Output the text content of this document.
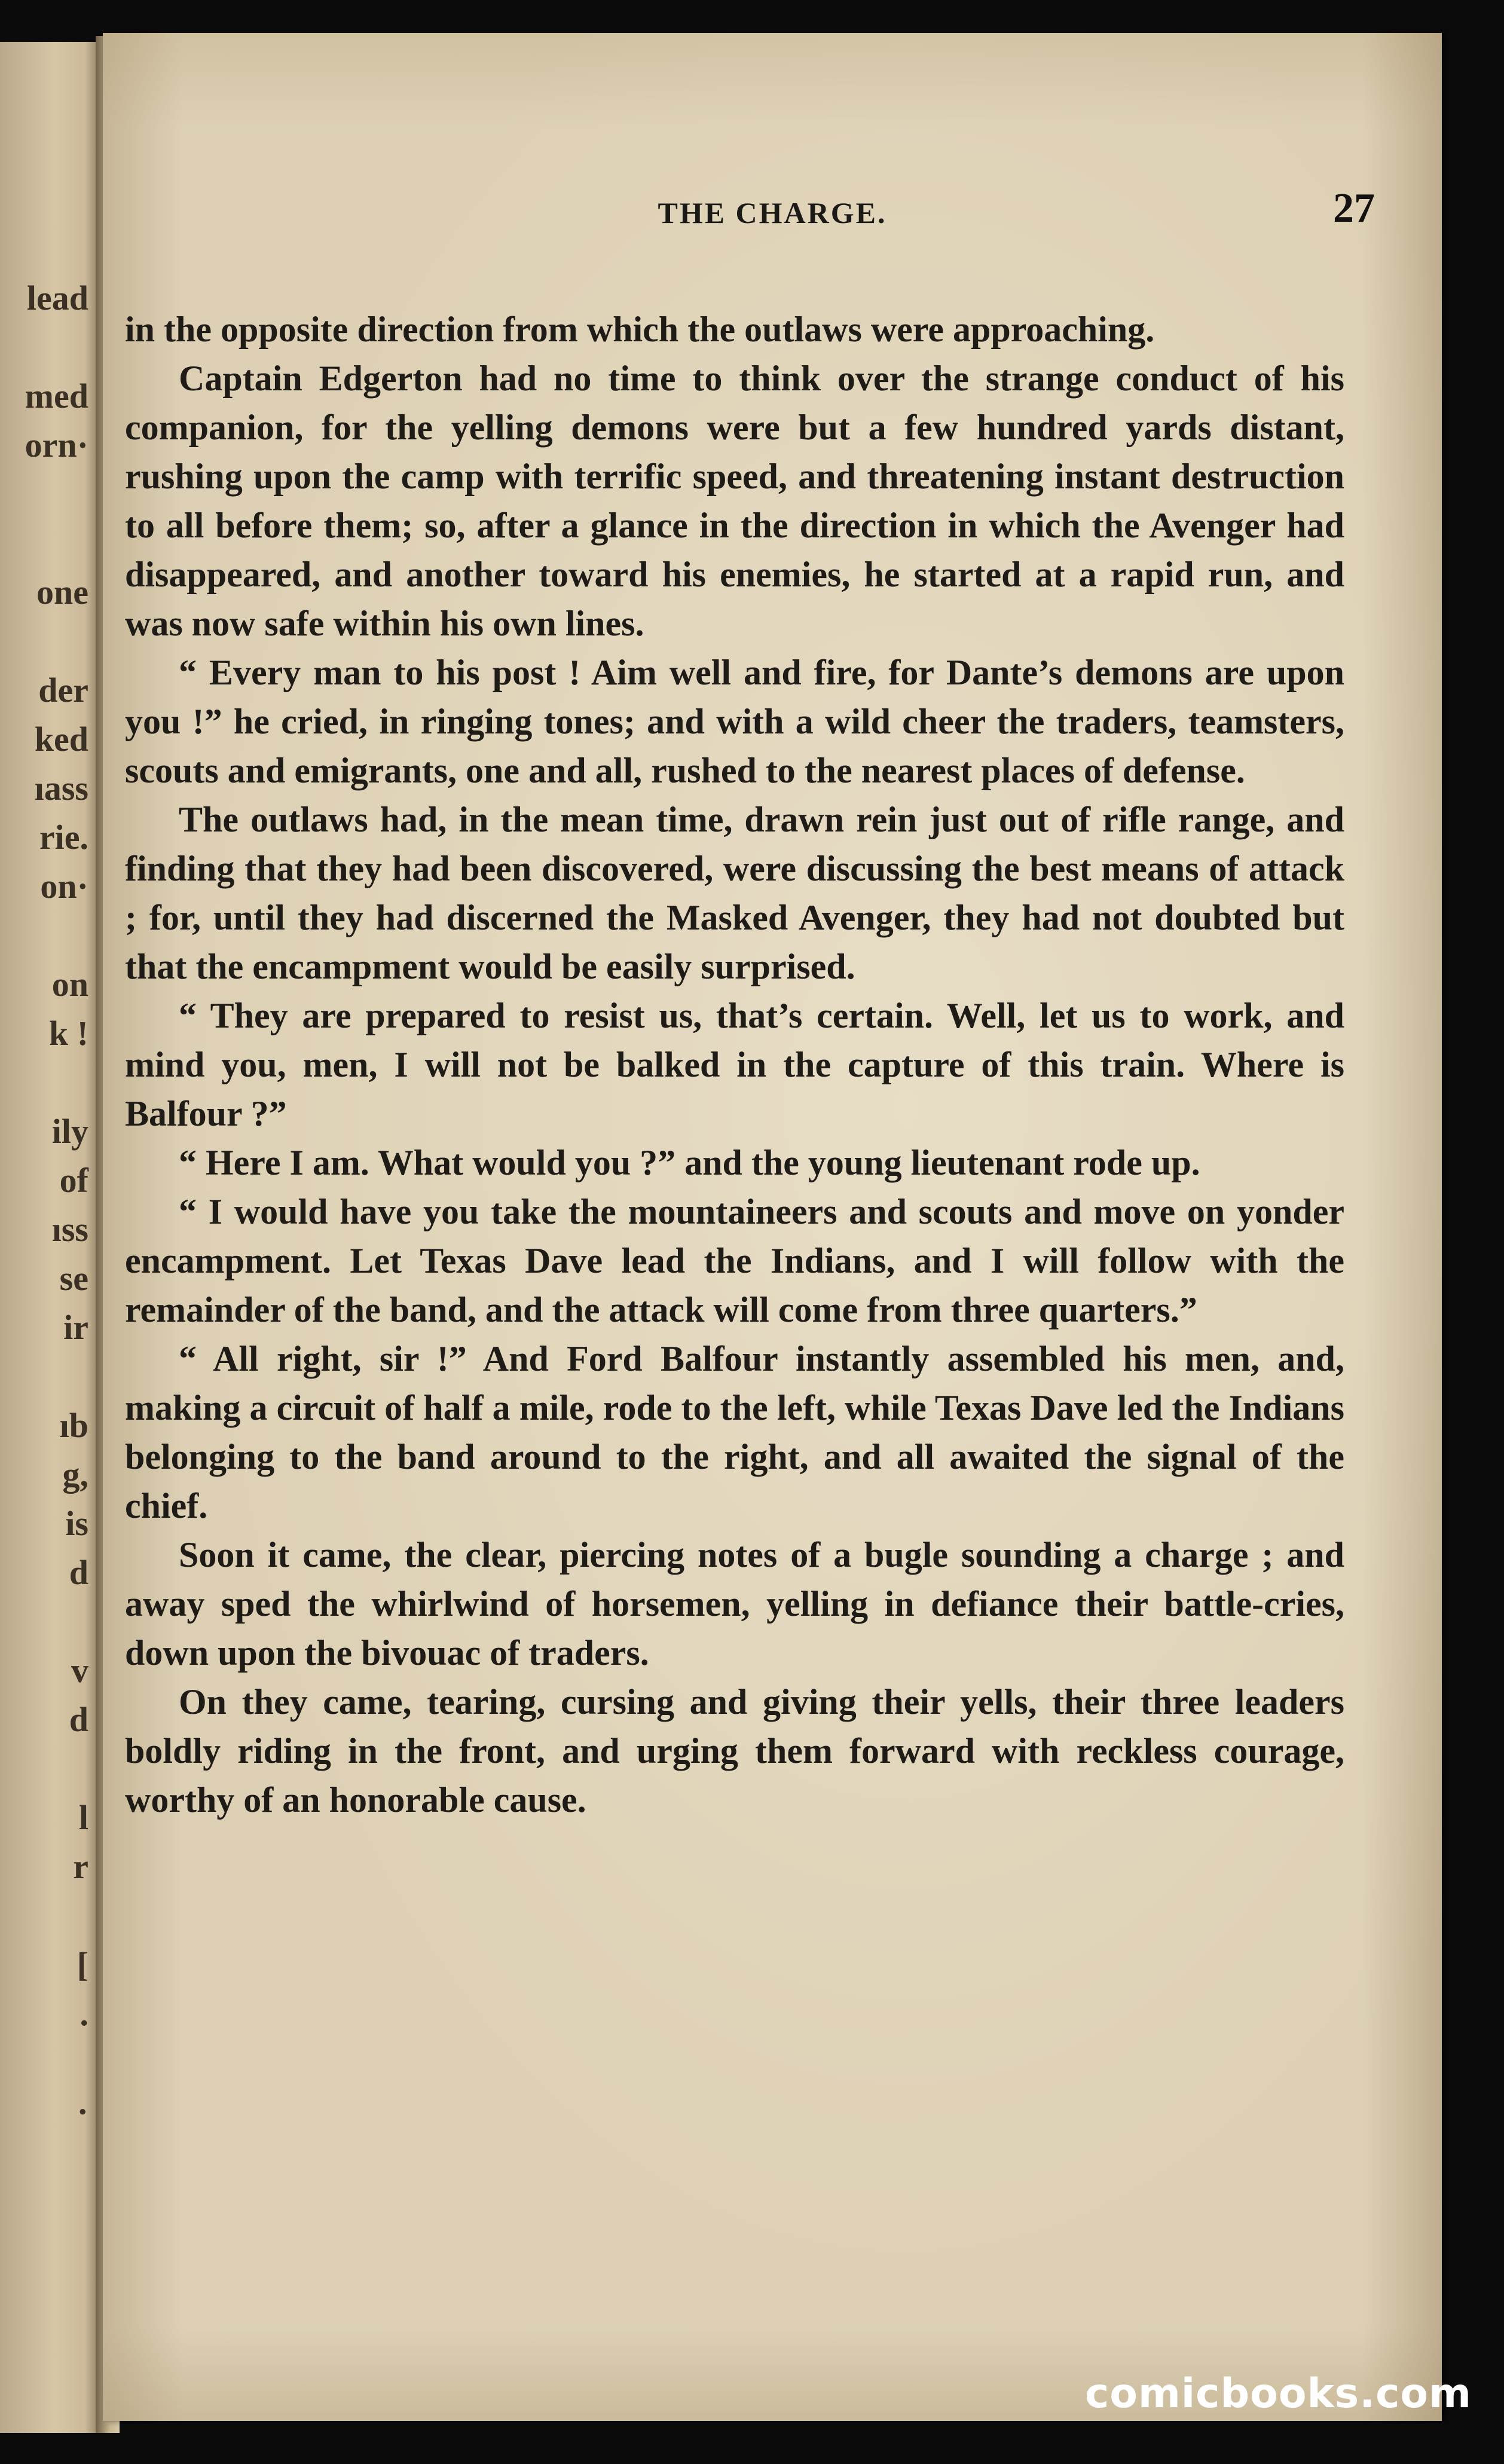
lead
med
orn·
one
der
ked
ıass
rie.
on·
on
k !
ily
of
ıss
se
ir
ıb
g,
is
d
v
d
l
r
[
.
·
THE CHARGE.	27

in the opposite direction from which the outlaws were approaching.

Captain Edgerton had no time to think over the strange conduct of his companion, for the yelling demons were but a few hundred yards distant, rushing upon the camp with terrific speed, and threatening instant destruction to all before them; so, after a glance in the direction in which the Avenger had disappeared, and another toward his enemies, he started at a rapid run, and was now safe within his own lines.

“ Every man to his post ! Aim well and fire, for Dante’s demons are upon you !” he cried, in ringing tones; and with a wild cheer the traders, teamsters, scouts and emigrants, one and all, rushed to the nearest places of defense.

The outlaws had, in the mean time, drawn rein just out of rifle range, and finding that they had been discovered, were discussing the best means of attack ; for, until they had discerned the Masked Avenger, they had not doubted but that the encampment would be easily surprised.

“ They are prepared to resist us, that’s certain. Well, let us to work, and mind you, men, I will not be balked in the capture of this train. Where is Balfour ?”

“ Here I am. What would you ?” and the young lieutenant rode up.

“ I would have you take the mountaineers and scouts and move on yonder encampment. Let Texas Dave lead the Indians, and I will follow with the remainder of the band, and the attack will come from three quarters.”

“ All right, sir !” And Ford Balfour instantly assembled his men, and, making a circuit of half a mile, rode to the left, while Texas Dave led the Indians belonging to the band around to the right, and all awaited the signal of the chief.

Soon it came, the clear, piercing notes of a bugle sounding a charge ; and away sped the whirlwind of horsemen, yelling in defiance their battle-cries, down upon the bivouac of traders.

On they came, tearing, cursing and giving their yells, their three leaders boldly riding in the front, and urging them forward with reckless courage, worthy of an honorable cause.

comicbooks.com
